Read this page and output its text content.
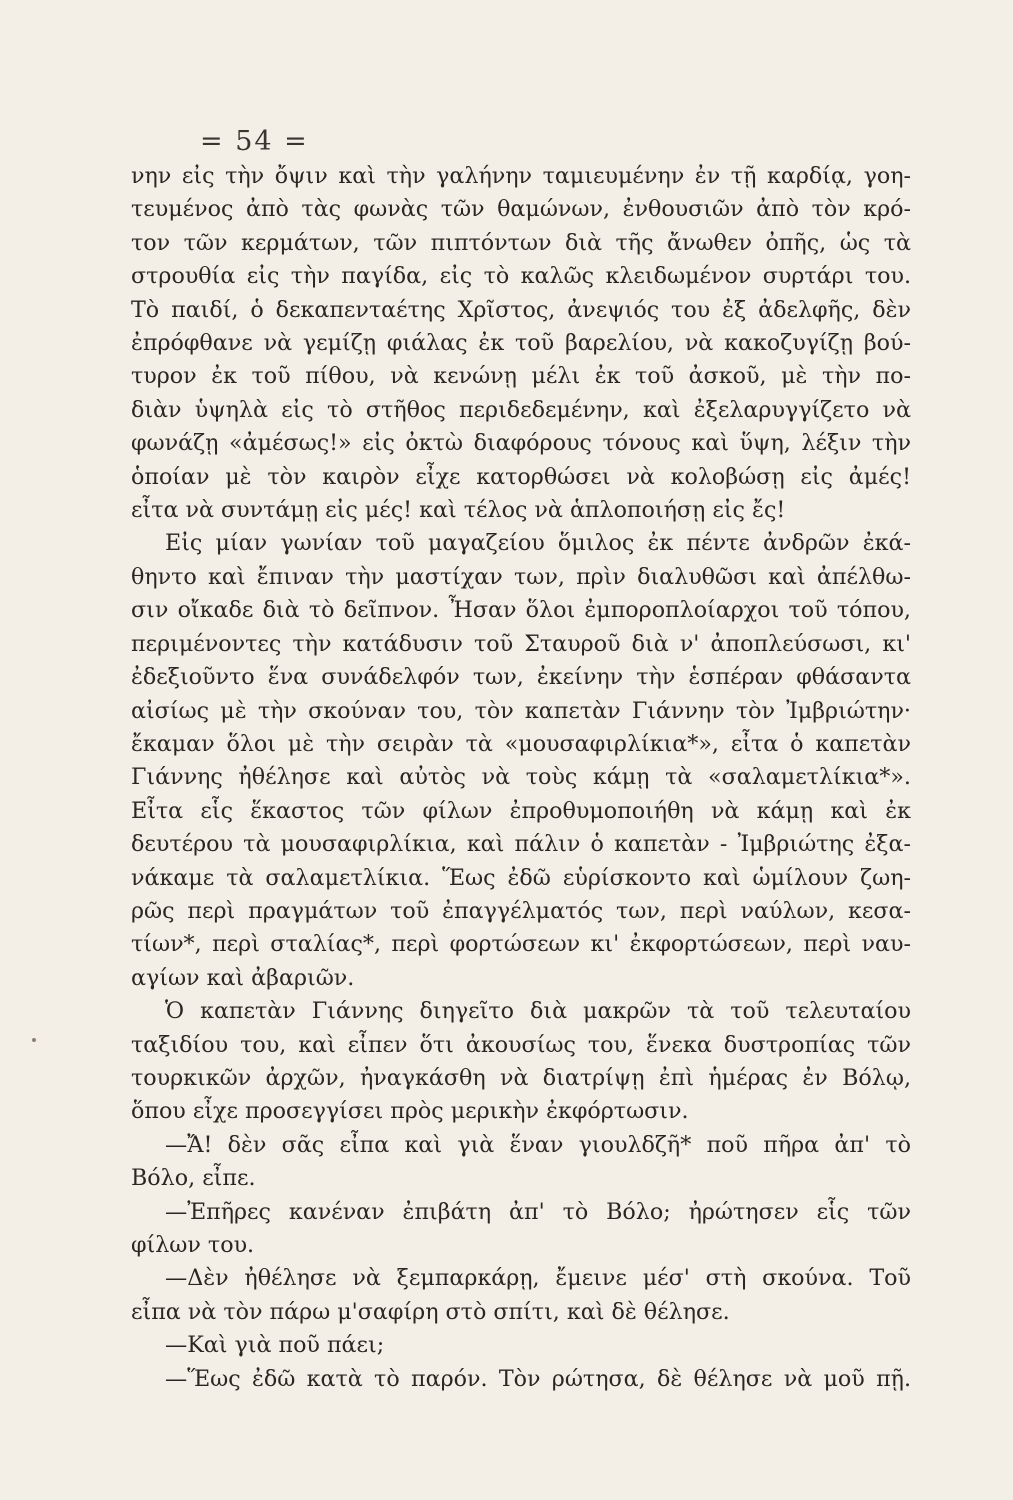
= 54 =
νην εἰς τὴν ὄψιν καὶ τὴν γαλήνην ταμιευμένην ἐν τῇ καρδίᾳ, γοη-
τευμένος ἀπὸ τὰς φωνὰς τῶν θαμώνων, ἐνθουσιῶν ἀπὸ τὸν κρό-
τον τῶν κερμάτων, τῶν πιπτόντων διὰ τῆς ἄνωθεν ὀπῆς, ὡς τὰ
στρουθία εἰς τὴν παγίδα, εἰς τὸ καλῶς κλειδωμένον συρτάρι του.
Τὸ παιδί, ὁ δεκαπενταέτης Χρῖστος, ἀνεψιός του ἐξ ἀδελφῆς, δὲν
ἐπρόφθανε νὰ γεμίζῃ φιάλας ἐκ τοῦ βαρελίου, νὰ κακοζυγίζῃ βού-
τυρον ἐκ τοῦ πίθου, νὰ κενώνῃ μέλι ἐκ τοῦ ἀσκοῦ, μὲ τὴν πο-
διὰν ὑψηλὰ εἰς τὸ στῆθος περιδεδεμένην, καὶ ἐξελαρυγγίζετο νὰ
φωνάζῃ «ἀμέσως!» εἰς ὀκτὼ διαφόρους τόνους καὶ ὕψη, λέξιν τὴν
ὁποίαν μὲ τὸν καιρὸν εἶχε κατορθώσει νὰ κολοβώσῃ εἰς ἀμές!
εἶτα νὰ συντάμῃ εἰς μές! καὶ τέλος νὰ ἁπλοποιήσῃ εἰς ἔς!
Εἰς μίαν γωνίαν τοῦ μαγαζείου ὅμιλος ἐκ πέντε ἀνδρῶν ἐκά-
θηντο καὶ ἔπιναν τὴν μαστίχαν των, πρὶν διαλυθῶσι καὶ ἀπέλθω-
σιν οἴκαδε διὰ τὸ δεῖπνον. Ἦσαν ὅλοι ἐμποροπλοίαρχοι τοῦ τόπου,
περιμένοντες τὴν κατάδυσιν τοῦ Σταυροῦ διὰ ν' ἀποπλεύσωσι, κι'
ἐδεξιοῦντο ἕνα συνάδελφόν των, ἐκείνην τὴν ἑσπέραν φθάσαντα
αἰσίως μὲ τὴν σκούναν του, τὸν καπετὰν Γιάννην τὸν Ἰμβριώτην·
ἔκαμαν ὅλοι μὲ τὴν σειρὰν τὰ «μουσαφιρλίκια*», εἶτα ὁ καπετὰν
Γιάννης ἠθέλησε καὶ αὐτὸς νὰ τοὺς κάμῃ τὰ «σαλαμετλίκια*».
Εἶτα εἷς ἕκαστος τῶν φίλων ἐπροθυμοποιήθη νὰ κάμῃ καὶ ἐκ
δευτέρου τὰ μουσαφιρλίκια, καὶ πάλιν ὁ καπετὰν - Ἰμβριώτης ἐξα-
νάκαμε τὰ σαλαμετλίκια. Ἕως ἐδῶ εὑρίσκοντο καὶ ὡμίλουν ζωη-
ρῶς περὶ πραγμάτων τοῦ ἐπαγγέλματός των, περὶ ναύλων, κεσα-
τίων*, περὶ σταλίας*, περὶ φορτώσεων κι' ἐκφορτώσεων, περὶ ναυ-
αγίων καὶ ἀβαριῶν.
Ὁ καπετὰν Γιάννης διηγεῖτο διὰ μακρῶν τὰ τοῦ τελευταίου
ταξιδίου του, καὶ εἶπεν ὅτι ἀκουσίως του, ἕνεκα δυστροπίας τῶν
τουρκικῶν ἀρχῶν, ἠναγκάσθη νὰ διατρίψῃ ἐπὶ ἡμέρας ἐν Βόλῳ,
ὅπου εἶχε προσεγγίσει πρὸς μερικὴν ἐκφόρτωσιν.
—Ἄ! δὲν σᾶς εἶπα καὶ γιὰ ἕναν γιουλδζῆ* ποῦ πῆρα ἀπ' τὸ
Βόλο, εἶπε.
—Ἐπῆρες κανέναν ἐπιβάτη ἀπ' τὸ Βόλο; ἠρώτησεν εἷς τῶν
φίλων του.
—Δὲν ἠθέλησε νὰ ξεμπαρκάρῃ, ἔμεινε μέσ' στὴ σκούνα. Τοῦ
εἶπα νὰ τὸν πάρω μ'σαφίρη στὸ σπίτι, καὶ δὲ θέλησε.
—Καὶ γιὰ ποῦ πάει;
—Ἕως ἐδῶ κατὰ τὸ παρόν. Τὸν ρώτησα, δὲ θέλησε νὰ μοῦ πῇ.
